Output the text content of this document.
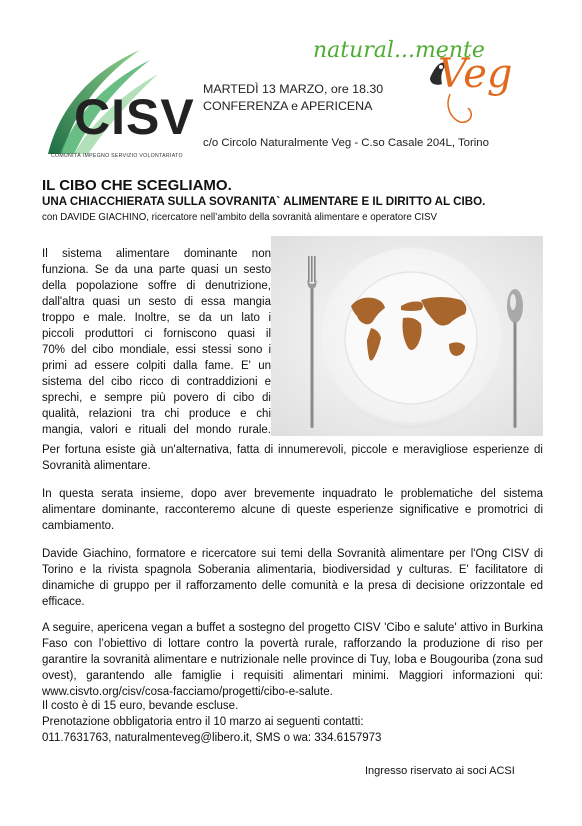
CISV
COMUNITÀ IMPEGNO SERVIZIO VOLONTARIATO
natural...mente
Veg
MARTEDÌ 13 MARZO, ore 18.30
CONFERENZA e APERICENA
c/o Circolo Naturalmente Veg - C.so Casale 204L, Torino
IL CIBO CHE SCEGLIAMO.
UNA CHIACCHIERATA SULLA SOVRANITA` ALIMENTARE E IL DIRITTO AL CIBO.
con DAVIDE GIACHINO, ricercatore nell’ambito della sovranità alimentare e operatore CISV
Il sistema alimentare dominante non
funziona. Se da una parte quasi un sesto
della popolazione soffre di denutrizione,
dall'altra quasi un sesto di essa mangia
troppo e male. Inoltre, se da un lato i
piccoli produttori ci forniscono quasi il
70% del cibo mondiale, essi stessi sono i
primi ad essere colpiti dalla fame. E' un
sistema del cibo ricco di contraddizioni e
sprechi, e sempre più povero di cibo di
qualità, relazioni tra chi produce e chi
mangia, valori e rituali del mondo rurale.
Per fortuna esiste già un'alternativa, fatta di innumerevoli, piccole e meravigliose esperienze di Sovranità alimentare.
In questa serata insieme, dopo aver brevemente inquadrato le problematiche del sistema alimentare dominante, racconteremo alcune di queste esperienze significative e promotrici di cambiamento.
Davide Giachino, formatore e ricercatore sui temi della Sovranità alimentare per l'Ong CISV di Torino e la rivista spagnola Soberania alimentaria, biodiversidad y culturas. E' facilitatore di dinamiche di gruppo per il rafforzamento delle comunità e la presa di decisione orizzontale ed efficace.
A seguire, apericena vegan a buffet a sostegno del progetto CISV 'Cibo e salute' attivo in Burkina Faso con l’obiettivo di lottare contro la povertà rurale, rafforzando la produzione di riso per garantire la sovranità alimentare e nutrizionale nelle province di Tuy, Ioba e Bougouriba (zona sud ovest), garantendo alle famiglie i requisiti alimentari minimi. Maggiori informazioni qui: www.cisvto.org/cisv/cosa-facciamo/progetti/cibo-e-salute.
Il costo è di 15 euro, bevande escluse.
Prenotazione obbligatoria entro il 10 marzo ai seguenti contatti:
011.7631763, naturalmenteveg@libero.it, SMS o wa: 334.6157973
Ingresso riservato ai soci ACSI
